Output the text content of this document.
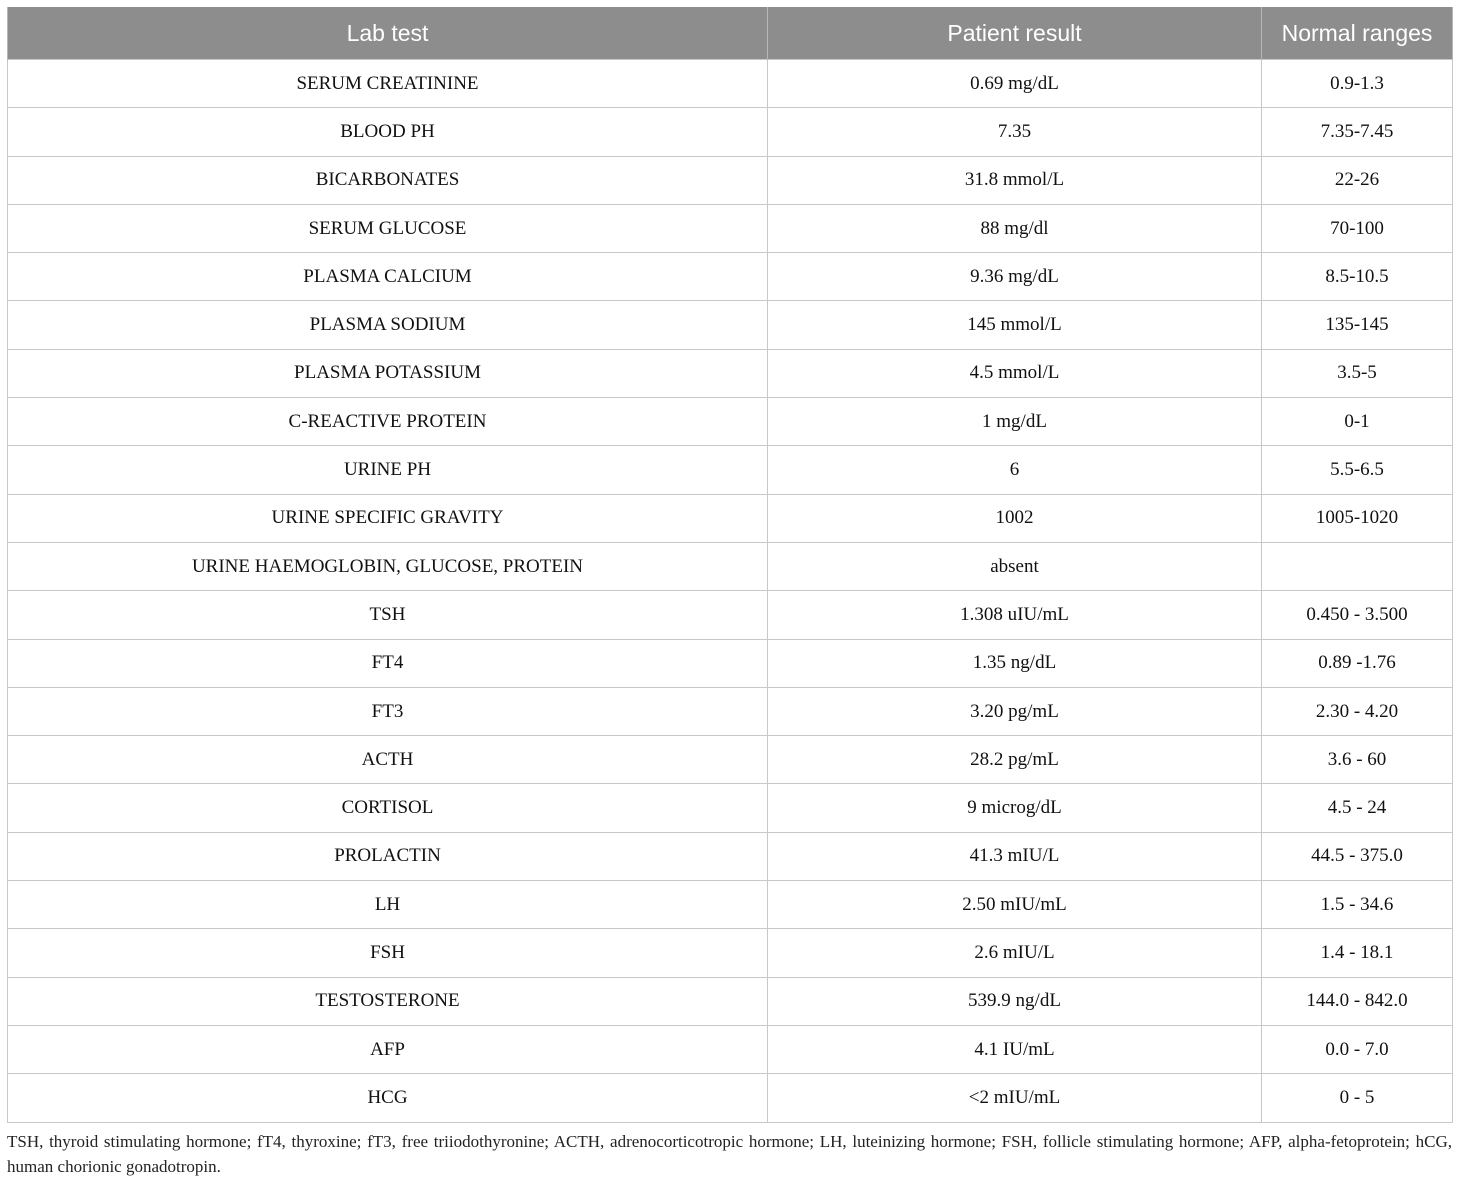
Lab test	Patient result	Normal ranges
SERUM CREATININE	0.69 mg/dL	0.9-1.3
BLOOD PH	7.35	7.35-7.45
BICARBONATES	31.8 mmol/L	22-26
SERUM GLUCOSE	88 mg/dl	70-100
PLASMA CALCIUM	9.36 mg/dL	8.5-10.5
PLASMA SODIUM	145 mmol/L	135-145
PLASMA POTASSIUM	4.5 mmol/L	3.5-5
C-REACTIVE PROTEIN	1 mg/dL	0-1
URINE PH	6	5.5-6.5
URINE SPECIFIC GRAVITY	1002	1005-1020
URINE HAEMOGLOBIN, GLUCOSE, PROTEIN	absent	
TSH	1.308 uIU/mL	0.450 - 3.500
FT4	1.35 ng/dL	0.89 -1.76
FT3	3.20 pg/mL	2.30 - 4.20
ACTH	28.2 pg/mL	3.6 - 60
CORTISOL	9 microg/dL	4.5 - 24
PROLACTIN	41.3 mIU/L	44.5 - 375.0
LH	2.50 mIU/mL	1.5 - 34.6
FSH	2.6 mIU/L	1.4 - 18.1
TESTOSTERONE	539.9 ng/dL	144.0 - 842.0
AFP	4.1 IU/mL	0.0 - 7.0
HCG	<2 mIU/mL	0 - 5

TSH, thyroid stimulating hormone; fT4, thyroxine; fT3, free triiodothyronine; ACTH, adrenocorticotropic hormone; LH, luteinizing hormone; FSH, follicle stimulating hormone; AFP, alpha-fetoprotein; hCG, human chorionic gonadotropin.
